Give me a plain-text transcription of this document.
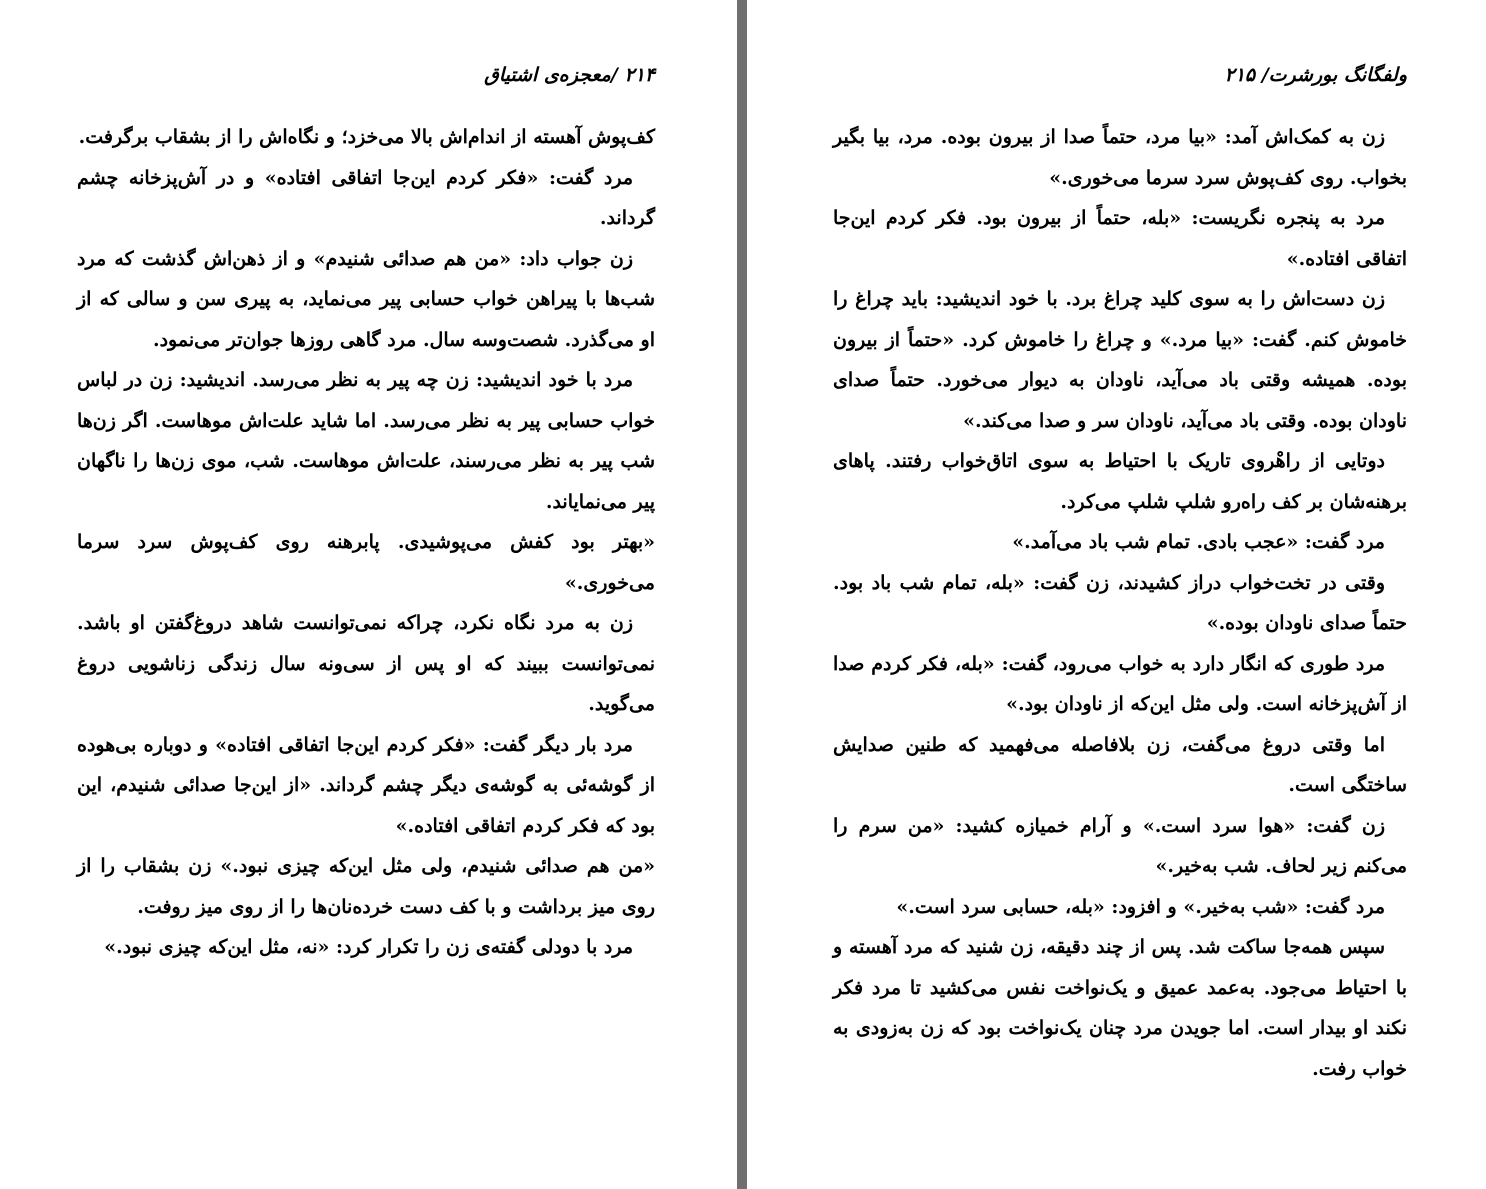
۲۱۴ /معجزه‌ی اشتیاق

کف‌پوش آهسته از اندام‌اش بالا می‌خزد؛ و نگاه‌اش را از بشقاب برگرفت.

مرد گفت: «فکر کردم این‌جا اتفاقی افتاده» و در آش‌پزخانه چشم گرداند.

زن جواب داد: «من هم صدائی شنیدم» و از ذهن‌اش گذشت که مرد شب‌ها با پیراهن خواب حسابی پیر می‌نماید، به پیری سن و سالی که از او می‌گذرد. شصت‌وسه سال. مرد گاهی روزها جوان‌تر می‌نمود.

مرد با خود اندیشید: زن چه پیر به نظر می‌رسد. اندیشید: زن در لباس خواب حسابی پیر به نظر می‌رسد. اما شاید علت‌اش موهاست. اگر زن‌ها شب پیر به نظر می‌رسند، علت‌اش موهاست. شب، موی زن‌ها را ناگهان پیر می‌نمایاند.

«بهتر بود کفش می‌پوشیدی. پابرهنه روی کف‌پوش سرد سرما می‌خوری.»

زن به مرد نگاه نکرد، چراکه نمی‌توانست شاهد دروغ‌گفتن او باشد. نمی‌توانست ببیند که او پس از سی‌ونه سال زندگی زناشویی دروغ می‌گوید.

مرد بار دیگر گفت: «فکر کردم این‌جا اتفاقی افتاده» و دوباره بی‌هوده از گوشه‌ئی به گوشه‌ی دیگر چشم گرداند. «از این‌جا صدائی شنیدم، این بود که فکر کردم اتفاقی افتاده.»

«من هم صدائی شنیدم، ولی مثل این‌که چیزی نبود.» زن بشقاب را از روی میز برداشت و با کف دست خرده‌نان‌ها را از روی میز روفت.

مرد با دودلی گفته‌ی زن را تکرار کرد: «نه، مثل این‌که چیزی نبود.»

ولفگانگ بورشرت/ ۲۱۵

زن به کمک‌اش آمد: «بیا مرد، حتماً صدا از بیرون بوده. مرد، بیا بگیر بخواب. روی کف‌پوش سرد سرما می‌خوری.»

مرد به پنجره نگریست: «بله، حتماً از بیرون بود. فکر کردم این‌جا اتفاقی افتاده.»

زن دست‌اش را به سوی کلید چراغ برد. با خود اندیشید: باید چراغ را خاموش کنم. گفت: «بیا مرد.» و چراغ را خاموش کرد. «حتماً از بیرون بوده. همیشه وقتی باد می‌آید، ناودان به دیوار می‌خورد. حتماً صدای ناودان بوده. وقتی باد می‌آید، ناودان سر و صدا می‌کند.»

دوتایی از راهْروی تاریک با احتیاط به سوی اتاق‌خواب رفتند. پاهای برهنه‌شان بر کف راه‌رو شلپ شلپ می‌کرد.

مرد گفت: «عجب بادی. تمام شب باد می‌آمد.»

وقتی در تخت‌خواب دراز کشیدند، زن گفت: «بله، تمام شب باد بود. حتماً صدای ناودان بوده.»

مرد طوری که انگار دارد به خواب می‌رود، گفت: «بله، فکر کردم صدا از آش‌پزخانه است. ولی مثل این‌که از ناودان بود.»

اما وقتی دروغ می‌گفت، زن بلافاصله می‌فهمید که طنین صدایش ساختگی است.

زن گفت: «هوا سرد است.» و آرام خمیازه کشید: «من سرم را می‌کنم زیر لحاف. شب به‌خیر.»

مرد گفت: «شب به‌خیر.» و افزود: «بله، حسابی سرد است.»

سپس همه‌جا ساکت شد. پس از چند دقیقه، زن شنید که مرد آهسته و با احتیاط می‌جود. به‌عمد عمیق و یک‌نواخت نفس می‌کشید تا مرد فکر نکند او بیدار است. اما جویدن مرد چنان یک‌نواخت بود که زن به‌زودی به خواب رفت.
